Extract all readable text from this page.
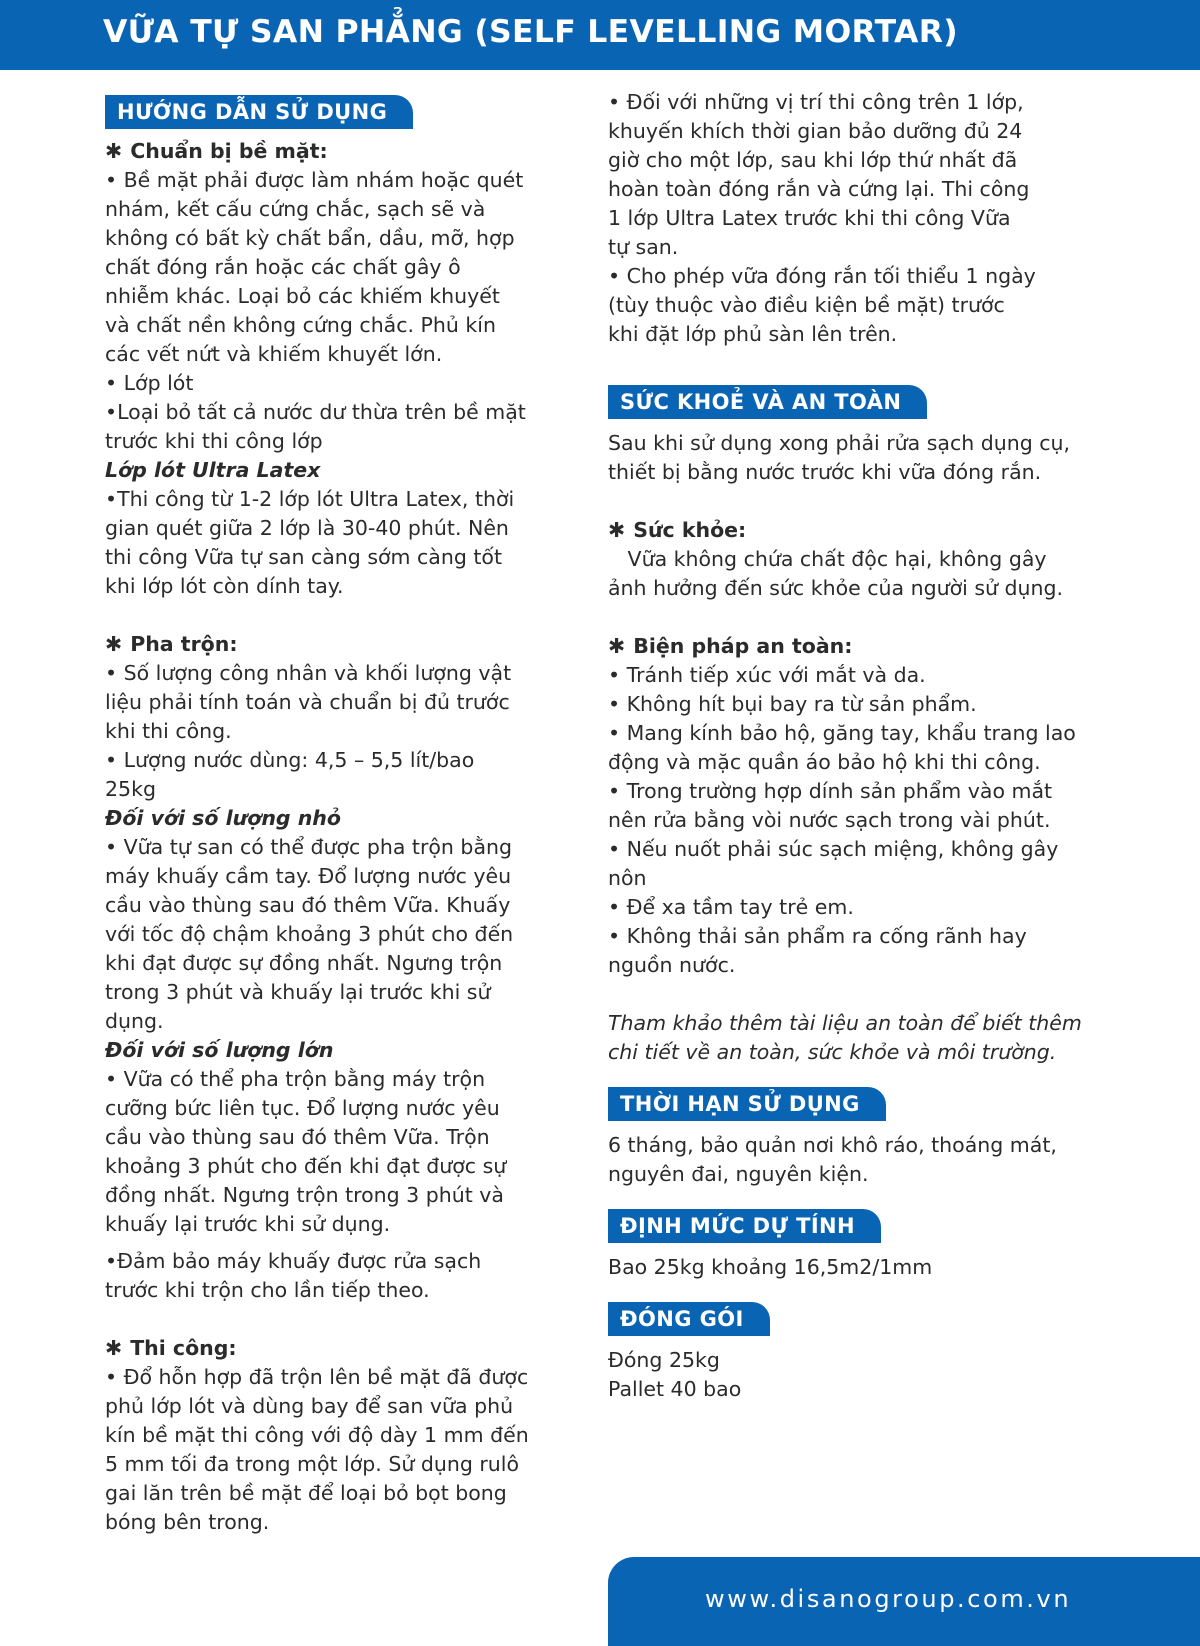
VỮA TỰ SAN PHẲNG (SELF LEVELLING MORTAR)
HƯỚNG DẪN SỬ DỤNG
✱ Chuẩn bị bề mặt:
• Bề mặt phải được làm nhám hoặc quét
nhám, kết cấu cứng chắc, sạch sẽ và
không có bất kỳ chất bẩn, dầu, mỡ, hợp
chất đóng rắn hoặc các chất gây ô
nhiễm khác. Loại bỏ các khiếm khuyết
và chất nền không cứng chắc. Phủ kín
các vết nứt và khiếm khuyết lớn.
• Lớp lót
•Loại bỏ tất cả nước dư thừa trên bề mặt
trước khi thi công lớp
Lớp lót Ultra Latex
•Thi công từ 1-2 lớp lót Ultra Latex, thời
gian quét giữa 2 lớp là 30-40 phút. Nên
thi công Vữa tự san càng sớm càng tốt
khi lớp lót còn dính tay.
✱ Pha trộn:
• Số lượng công nhân và khối lượng vật
liệu phải tính toán và chuẩn bị đủ trước
khi thi công.
• Lượng nước dùng: 4,5 – 5,5 lít/bao
25kg
Đối với số lượng nhỏ
• Vữa tự san có thể được pha trộn bằng
máy khuấy cầm tay. Đổ lượng nước yêu
cầu vào thùng sau đó thêm Vữa. Khuấy
với tốc độ chậm khoảng 3 phút cho đến
khi đạt được sự đồng nhất. Ngưng trộn
trong 3 phút và khuấy lại trước khi sử
dụng.
Đối với số lượng lớn
• Vữa có thể pha trộn bằng máy trộn
cưỡng bức liên tục. Đổ lượng nước yêu
cầu vào thùng sau đó thêm Vữa. Trộn
khoảng 3 phút cho đến khi đạt được sự
đồng nhất. Ngưng trộn trong 3 phút và
khuấy lại trước khi sử dụng.
•Đảm bảo máy khuấy được rửa sạch
trước khi trộn cho lần tiếp theo.
✱ Thi công:
• Đổ hỗn hợp đã trộn lên bề mặt đã được
phủ lớp lót và dùng bay để san vữa phủ
kín bề mặt thi công với độ dày 1 mm đến
5 mm tối đa trong một lớp. Sử dụng rulô
gai lăn trên bề mặt để loại bỏ bọt bong
bóng bên trong.
• Đối với những vị trí thi công trên 1 lớp,
khuyến khích thời gian bảo dưỡng đủ 24
giờ cho một lớp, sau khi lớp thứ nhất đã
hoàn toàn đóng rắn và cứng lại. Thi công
1 lớp Ultra Latex trước khi thi công Vữa
tự san.
• Cho phép vữa đóng rắn tối thiểu 1 ngày
(tùy thuộc vào điều kiện bề mặt) trước
khi đặt lớp phủ sàn lên trên.
SỨC KHOẺ VÀ AN TOÀN
Sau khi sử dụng xong phải rửa sạch dụng cụ,
thiết bị bằng nước trước khi vữa đóng rắn.
✱ Sức khỏe:
Vữa không chứa chất độc hại, không gây
ảnh hưởng đến sức khỏe của người sử dụng.
✱ Biện pháp an toàn:
• Tránh tiếp xúc với mắt và da.
• Không hít bụi bay ra từ sản phẩm.
• Mang kính bảo hộ, găng tay, khẩu trang lao
động và mặc quần áo bảo hộ khi thi công.
• Trong trường hợp dính sản phẩm vào mắt
nên rửa bằng vòi nước sạch trong vài phút.
• Nếu nuốt phải súc sạch miệng, không gây
nôn
• Để xa tầm tay trẻ em.
• Không thải sản phẩm ra cống rãnh hay
nguồn nước.
Tham khảo thêm tài liệu an toàn để biết thêm
chi tiết về an toàn, sức khỏe và môi trường.
THỜI HẠN SỬ DỤNG
6 tháng, bảo quản nơi khô ráo, thoáng mát,
nguyên đai, nguyên kiện.
ĐỊNH MỨC DỰ TÍNH
Bao 25kg khoảng 16,5m2/1mm
ĐÓNG GÓI
Đóng 25kg
Pallet 40 bao
www.disanogroup.com.vn
